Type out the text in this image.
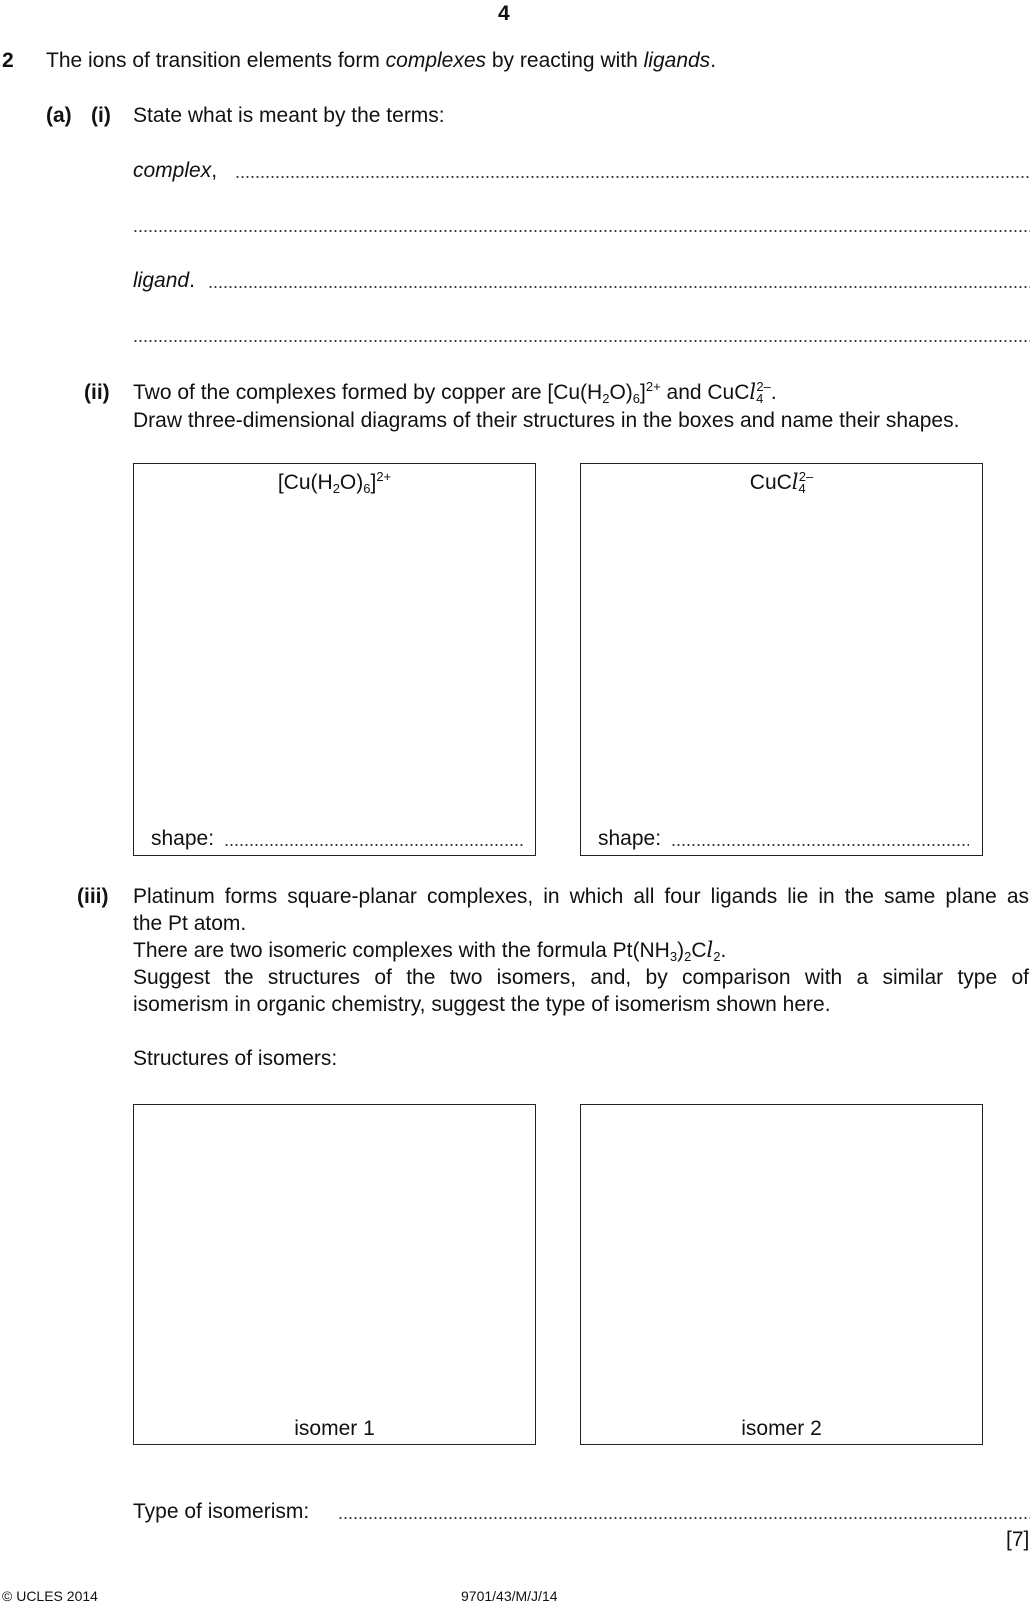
4
2 The ions of transition elements form complexes by reacting with ligands.
(a) (i) State what is meant by the terms:
complex,
ligand.
(ii) Two of the complexes formed by copper are $[Cu(H_2O)_6]^{2+}$ and CuCl$_4^{2-}$.
Draw three-dimensional diagrams of their structures in the boxes and name their shapes.
$[Cu(H_2O)_6]^{2+}$
shape:
CuCl$_4^{2-}$
shape:
(iii) Platinum forms square-planar complexes, in which all four ligands lie in the same plane as
the Pt atom.
There are two isomeric complexes with the formula $Pt(NH_3)_2Cl_2$.
Suggest the structures of the two isomers, and, by comparison with a similar type of
isomerism in organic chemistry, suggest the type of isomerism shown here.
Structures of isomers:
isomer 1	isomer 2
Type of isomerism:
[7]
© UCLES 2014	9701/43/M/J/14
